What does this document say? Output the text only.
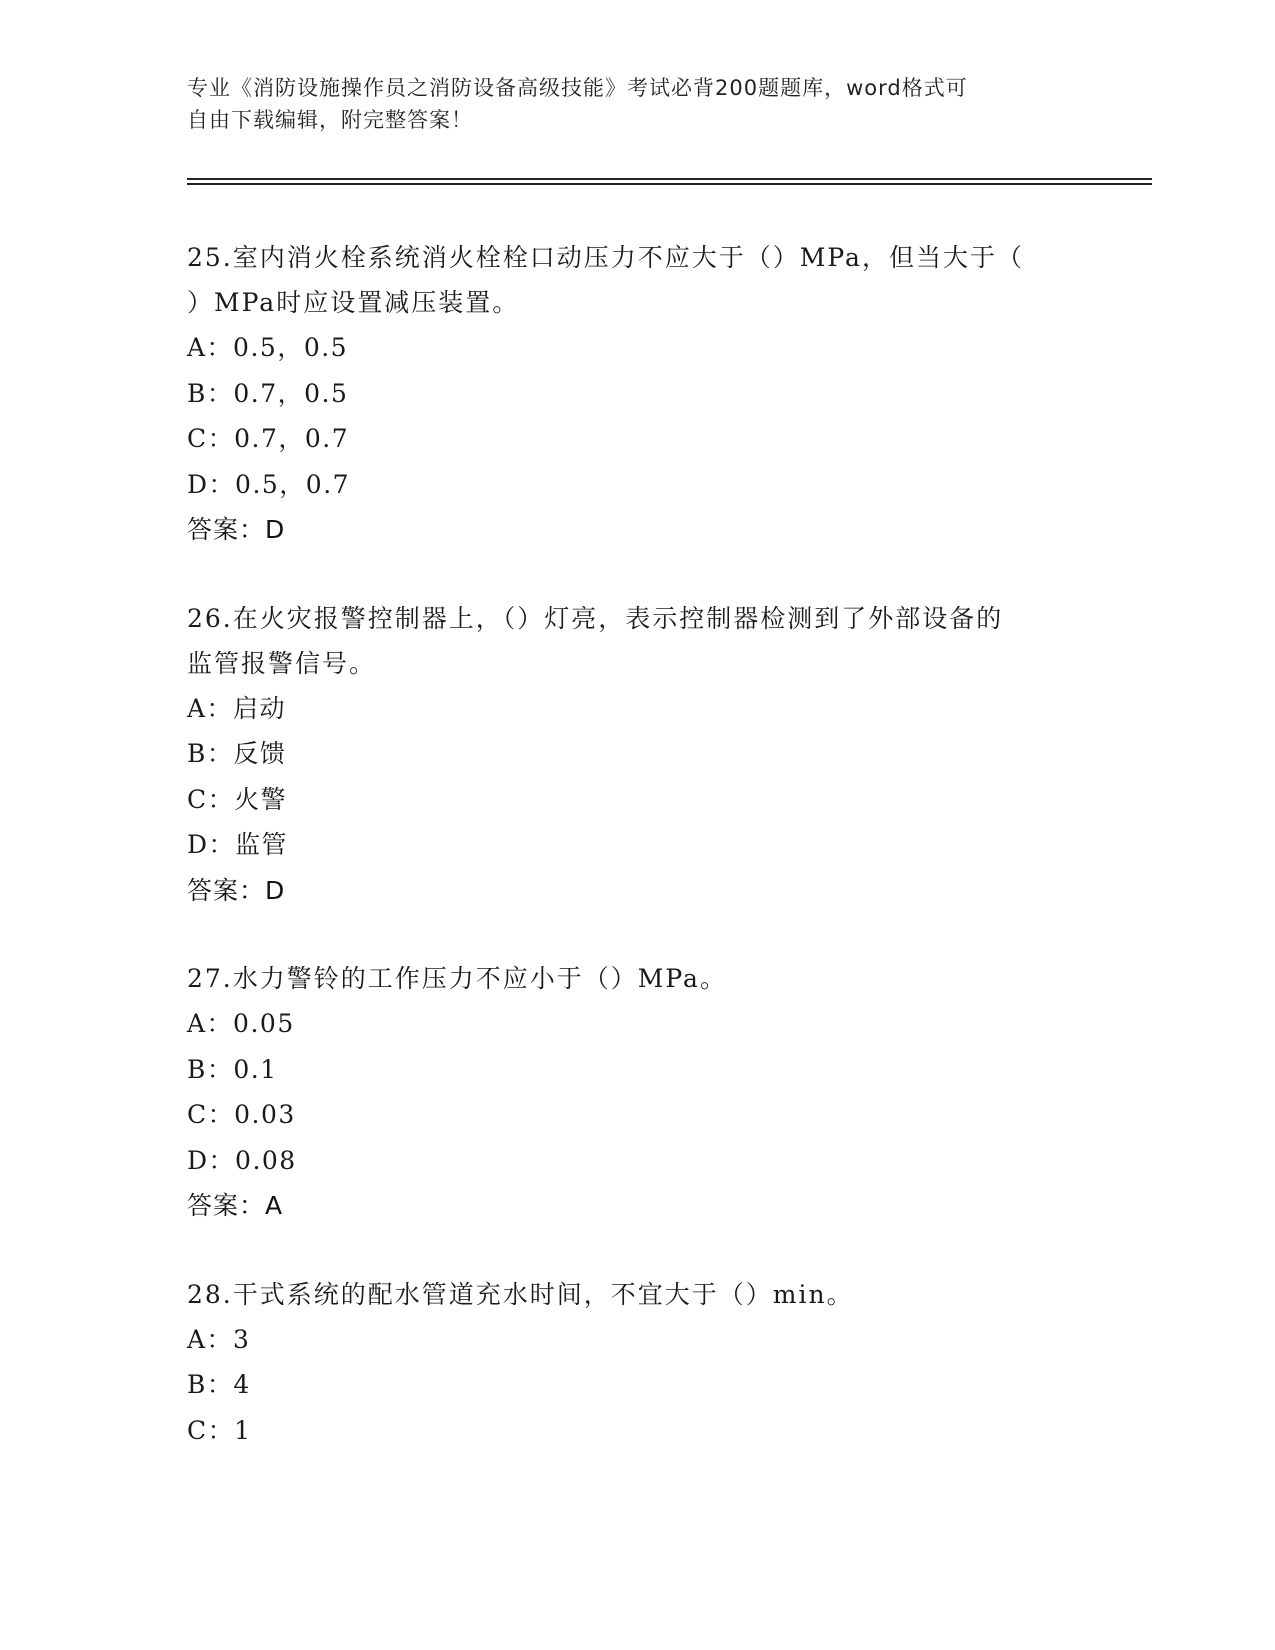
专业《消防设施操作员之消防设备高级技能》考试必背200题题库，word格式可
自由下载编辑，附完整答案！

25.室内消火栓系统消火栓栓口动压力不应大于（）MPa，但当大于（

）MPa时应设置减压装置。

A：0.5，0.5

B：0.7，0.5

C：0.7，0.7

D：0.5，0.7

答案：D

26.在火灾报警控制器上，（）灯亮，表示控制器检测到了外部设备的

监管报警信号。

A：启动

B：反馈

C：火警

D：监管

答案：D

27.水力警铃的工作压力不应小于（）MPa。

A：0.05

B：0.1

C：0.03

D：0.08

答案：A

28.干式系统的配水管道充水时间，不宜大于（）min。

A：3

B：4

C：1
